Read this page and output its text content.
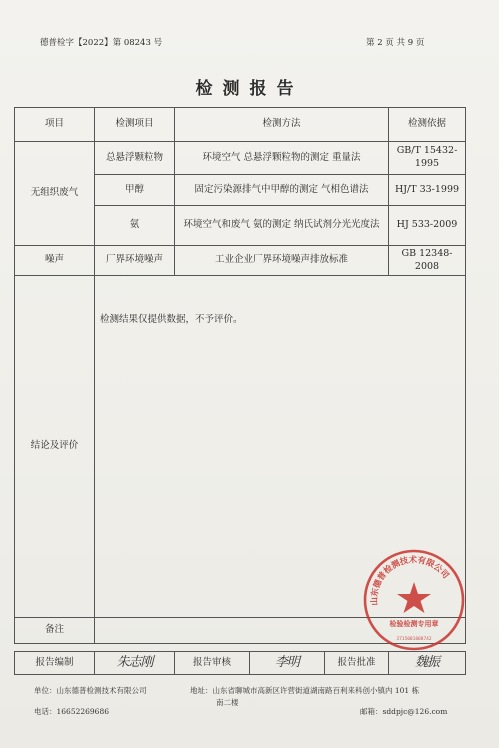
德普检字【2022】第 08243 号	第 2 页 共 9 页
检测报告
项目	检测项目	检测方法	检测依据
无组织废气	总悬浮颗粒物	环境空气 总悬浮颗粒物的测定 重量法	GB/T 15432-1995
	甲醇	固定污染源排气中甲醇的测定 气相色谱法	HJ/T 33-1999
	氨	环境空气和废气 氨的测定 纳氏试剂分光光度法	HJ 533-2009
噪声	厂界环境噪声	工业企业厂界环境噪声排放标准	GB 12348-2008
结论及评价	检测结果仅提供数据，不予评价。		

备注			
报告编制	朱志刚	报告审核	李明	报告批准	魏振
山东德普检测技术有限公司
检验检测专用章
3715001808742
单位：山东德普检测技术有限公司	地址：山东省聊城市高新区许营街道湖南路百利来科创小镇内 101 栋
南二楼
电话：16652269686	邮箱：sddpjc@126.com
